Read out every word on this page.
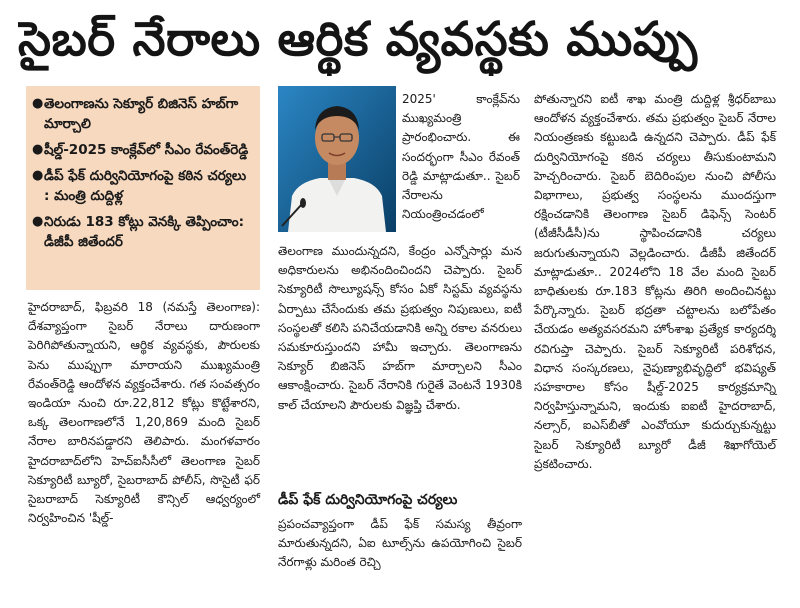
సైబర్ నేరాలు ఆర్థిక వ్యవస్థకు ముప్పు
● తెలంగాణను సెక్యూర్ బిజినెస్ హబ్‌గా మార్చాలి
● షీల్డ్-2025 కాంక్లేవ్‌లో సీఎం రేవంత్‌రెడ్డి
● డీప్ ఫేక్ దుర్వినియోగంపై కఠిన చర్యలు : మంత్రి దుద్దిళ్ల
● నిరుడు 183 కోట్లు వెనక్కి తెప్పించాం: డీజీపీ జితేందర్

2025' కాంక్లేవ్‌ను ముఖ్యమంత్రి ప్రారంభించారు. ఈ సందర్భంగా సీఎం రేవంత్ రెడ్డి మాట్లాడుతూ.. సైబర్ నేరాలను నియంత్రించడంలో

హైదరాబాద్, ఫిబ్రవరి 18 (నమస్తే తెలంగాణ): దేశవ్యాప్తంగా సైబర్ నేరాలు దారుణంగా పెరిగిపోతున్నాయని, ఆర్థిక వ్యవస్థకు, పౌరులకు పెను ముప్పుగా మారాయని ముఖ్యమంత్రి రేవంత్‌రెడ్డి ఆందోళన వ్యక్తంచేశారు. గత సంవత్సరం ఇండియా నుంచి రూ.22,812 కోట్లు కొట్టేశారని, ఒక్క తెలంగాణలోనే 1,20,869 మంది సైబర్ నేరాల బారినపడ్డారని తెలిపారు. మంగళవారం హైదరాబాద్‌లోని హెచ్ఐసీసీలో తెలంగాణ సైబర్ సెక్యూరిటీ బ్యూరో, సైబరాబాద్ పోలీస్, సొసైటీ ఫర్ సైబరాబాద్ సెక్యూరిటీ కౌన్సిల్ ఆధ్వర్యంలో నిర్వహించిన 'షీల్డ్-

తెలంగాణ ముందున్నదని, కేంద్రం ఎన్నోసార్లు మన అధికారులను అభినందించిందని చెప్పారు. సైబర్ సెక్యూరిటీ సొల్యూషన్స్ కోసం ఏకో సిస్టమ్ వ్యవస్థను ఏర్పాటు చేసేందుకు తమ ప్రభుత్వం నిపుణులు, ఐటీ సంస్థలతో కలిసి పనిచేయడానికి అన్ని రకాల వనరులు సమకూరుస్తుందని హామీ ఇచ్చారు. తెలంగాణను సెక్యూర్ బిజినెస్ హబ్‌గా మార్చాలని సీఎం ఆకాంక్షించారు. సైబర్ నేరానికి గురైతే వెంటనే 1930కి కాల్ చేయాలని పౌరులకు విజ్ఞప్తి చేశారు.

డీప్ ఫేక్ దుర్వినియోగంపై చర్యలు

ప్రపంచవ్యాప్తంగా డీప్ ఫేక్ సమస్య తీవ్రంగా మారుతున్నదని, ఏఐ టూల్స్‌ను ఉపయోగించి సైబర్ నేరగాళ్లు మరింత రెచ్చి

పోతున్నారని ఐటీ శాఖ మంత్రి దుద్దిళ్ల శ్రీధర్‌బాబు ఆందోళన వ్యక్తంచేశారు. తమ ప్రభుత్వం సైబర్ నేరాల నియంత్రణకు కట్టుబడి ఉన్నదని చెప్పారు. డీప్ ఫేక్ దుర్వినియోగంపై కఠిన చర్యలు తీసుకుంటామని హెచ్చరించారు. సైబర్ బెదిరింపుల నుంచి పోలీసు విభాగాలు, ప్రభుత్వ సంస్థలను ముందస్తుగా రక్షించడానికి తెలంగాణ సైబర్ డిఫెన్స్ సెంటర్ (టీజీసీడీసీ)ను స్థాపించడానికి చర్యలు జరుగుతున్నాయని వెల్లడించారు. డీజీపీ జితేందర్ మాట్లాడుతూ.. 2024లోని 18 వేల మంది సైబర్ బాధితులకు రూ.183 కోట్లను తిరిగి అందించినట్టు పేర్కొన్నారు. సైబర్ భద్రతా చట్టాలను బలోపేతం చేయడం అత్యవసరమని హోంశాఖ ప్రత్యేక కార్యదర్శి రవిగుప్తా చెప్పారు. సైబర్ సెక్యూరిటీ పరిశోధన, విధాన సంస్కరణలు, నైపుణ్యాభివృద్ధిలో భవిష్యత్ సహకారాల కోసం షీల్డ్-2025 కార్యక్రమాన్ని నిర్వహిస్తున్నామని, ఇందుకు ఐఐటీ హైదరాబాద్, నల్సార్, ఐఎస్‌బీతో ఎంవోయూ కుదుర్చుకున్నట్టు సైబర్ సెక్యూరిటీ బ్యూరో డీజీ శిఖాగోయెల్ ప్రకటించారు.
